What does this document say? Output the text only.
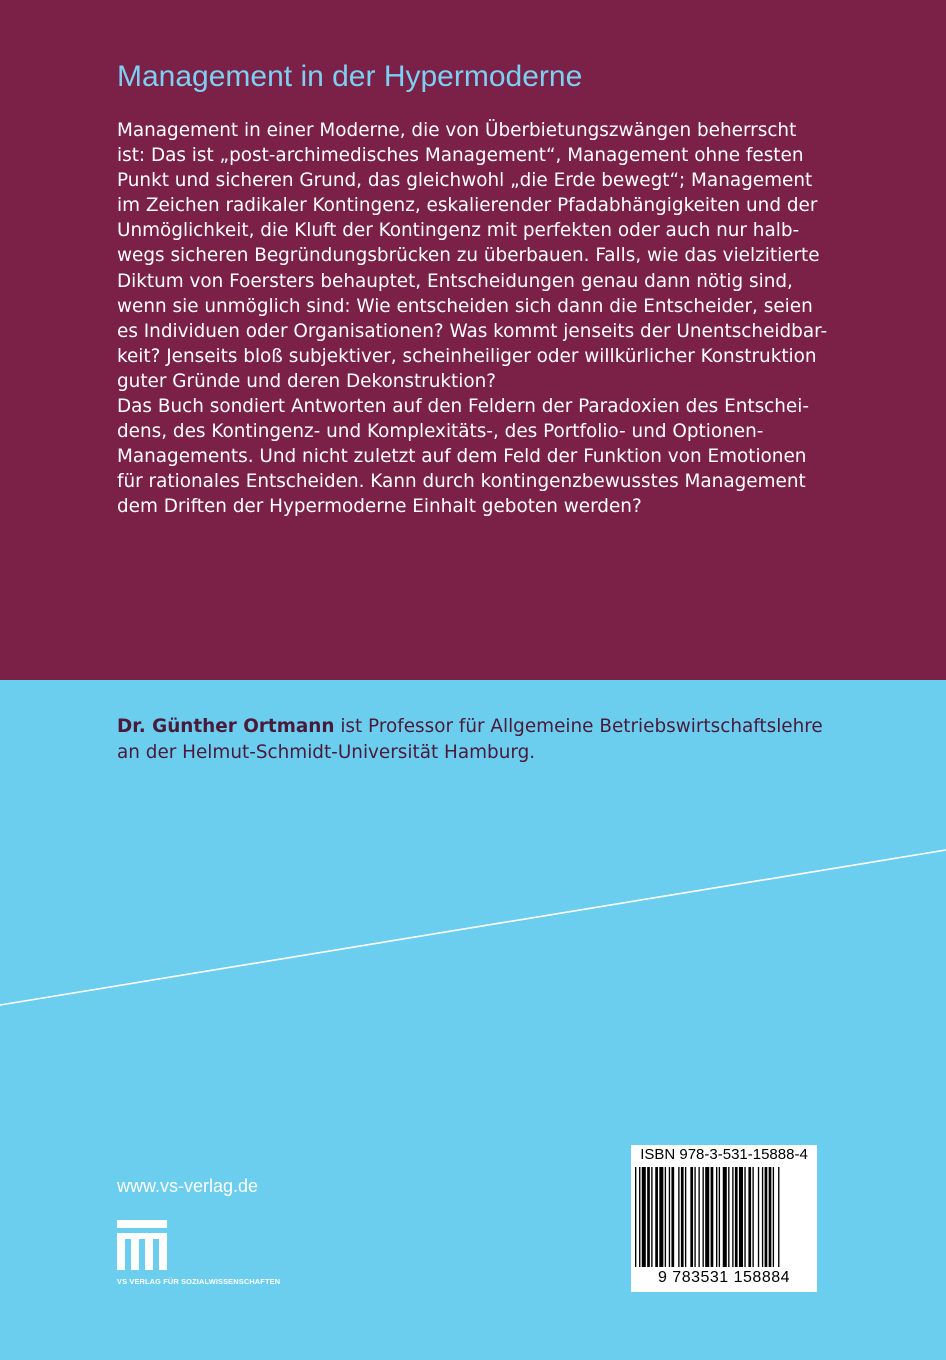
Management in der Hypermoderne
Management in einer Moderne, die von Überbietungszwängen beherrscht
ist: Das ist „post-archimedisches Management“, Management ohne festen
Punkt und sicheren Grund, das gleichwohl „die Erde bewegt“; Management
im Zeichen radikaler Kontingenz, eskalierender Pfadabhängigkeiten und der
Unmöglichkeit, die Kluft der Kontingenz mit perfekten oder auch nur halb-
wegs sicheren Begründungsbrücken zu überbauen. Falls, wie das vielzitierte
Diktum von Foersters behauptet, Entscheidungen genau dann nötig sind,
wenn sie unmöglich sind: Wie entscheiden sich dann die Entscheider, seien
es Individuen oder Organisationen? Was kommt jenseits der Unentscheidbar-
keit? Jenseits bloß subjektiver, scheinheiliger oder willkürlicher Konstruktion
guter Gründe und deren Dekonstruktion?
Das Buch sondiert Antworten auf den Feldern der Paradoxien des Entschei-
dens, des Kontingenz- und Komplexitäts-, des Portfolio- und Optionen-
Managements. Und nicht zuletzt auf dem Feld der Funktion von Emotionen
für rationales Entscheiden. Kann durch kontingenzbewusstes Management
dem Driften der Hypermoderne Einhalt geboten werden?
Dr. Günther Ortmann ist Professor für Allgemeine Betriebswirtschaftslehre
an der Helmut-Schmidt-Universität Hamburg.
www.vs-verlag.de
VS VERLAG FÜR SOZIALWISSENSCHAFTEN
ISBN 978-3-531-15888-4
9 783531 158884
